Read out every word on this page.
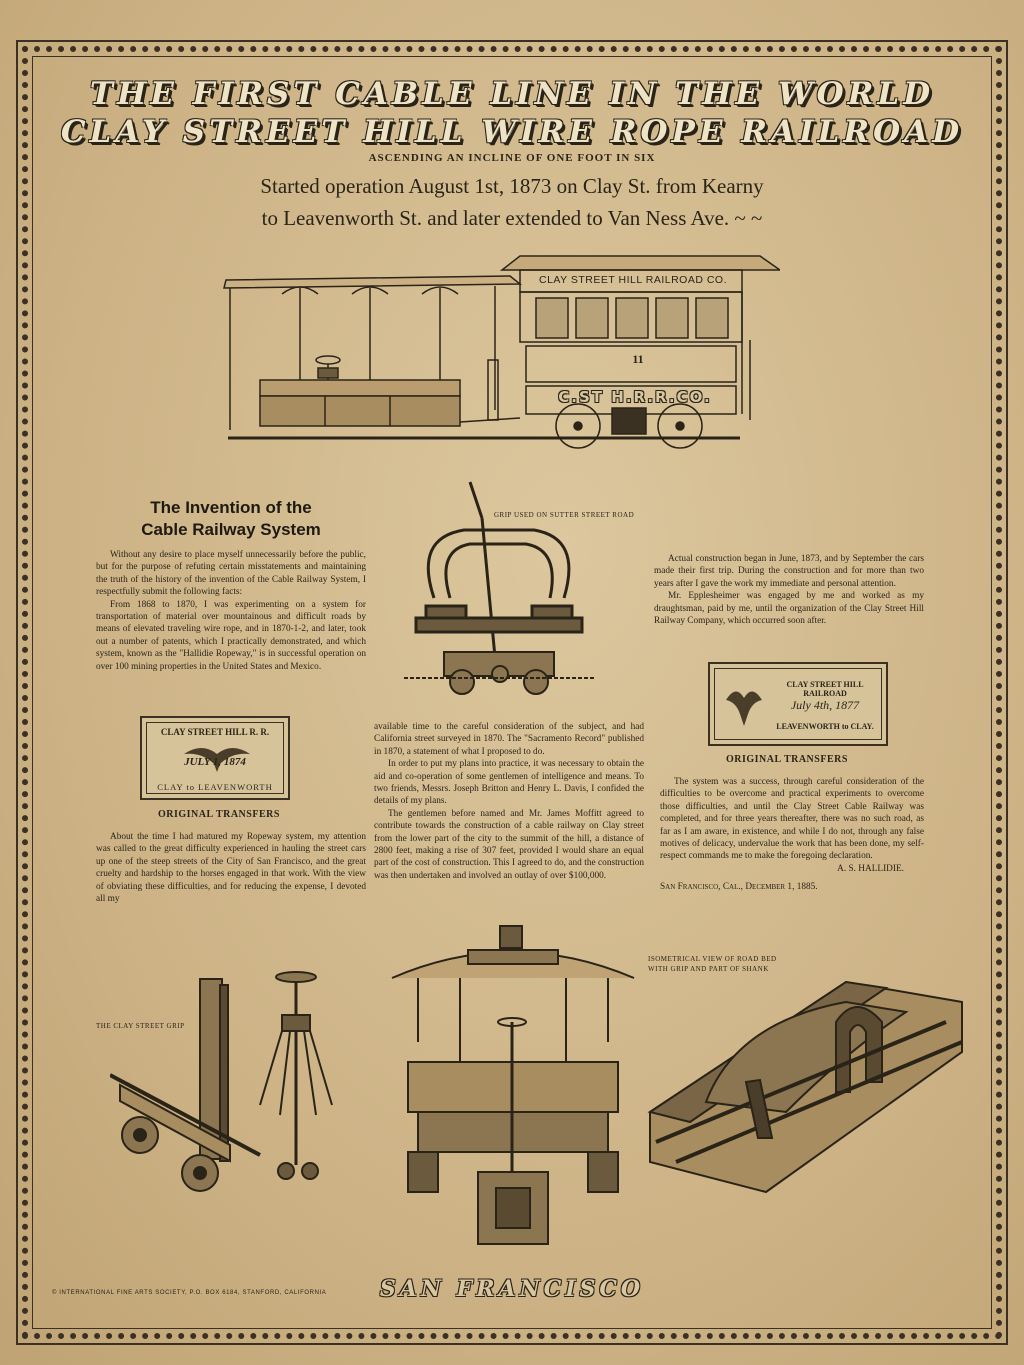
THE FIRST CABLE LINE IN THE WORLD
CLAY STREET HILL WIRE ROPE RAILROAD
ASCENDING AN INCLINE OF ONE FOOT IN SIX
Started operation August 1st, 1873 on Clay St. from Kearny
to Leavenworth St. and later extended to Van Ness Ave. ~ ~
CLAY STREET HILL RAILROAD CO.
11
C.ST H.R.R.CO.
The Invention of the
Cable Railway System

Without any desire to place myself unnecessarily before the public, but for the purpose of refuting certain misstatements and maintaining the truth of the history of the invention of the Cable Railway System, I respectfully submit the following facts:

From 1868 to 1870, I was experimenting on a system for transportation of material over mountainous and difficult roads by means of elevated traveling wire rope, and in 1870-1-2, and later, took out a number of patents, which I practically demonstrated, and which system, known as the "Hallidie Ropeway," is in successful operation on over 100 mining properties in the United States and Mexico.

CLAY STREET HILL R. R.
JULY 1, 1874
CLAY to LEAVENWORTH
ORIGINAL TRANSFERS

About the time I had matured my Ropeway system, my attention was called to the great difficulty experienced in hauling the street cars up one of the steep streets of the City of San Francisco, and the great cruelty and hardship to the horses engaged in that work. With the view of obviating these difficulties, and for reducing the expense, I devoted all my

available time to the careful consideration of the subject, and had California street surveyed in 1870. The "Sacramento Record" published in 1870, a statement of what I proposed to do.

In order to put my plans into practice, it was necessary to obtain the aid and co-operation of some gentlemen of intelligence and means. To two friends, Messrs. Joseph Britton and Henry L. Davis, I confided the details of my plans.

The gentlemen before named and Mr. James Moffitt agreed to contribute towards the construction of a cable railway on Clay street from the lower part of the city to the summit of the hill, a distance of 2800 feet, making a rise of 307 feet, provided I would share an equal part of the cost of construction. This I agreed to do, and the construction was then undertaken and involved an outlay of over $100,000.

Actual construction began in June, 1873, and by September the cars made their first trip. During the construction and for more than two years after I gave the work my immediate and personal attention.

Mr. Epplesheimer was engaged by me and worked as my draughtsman, paid by me, until the organization of the Clay Street Hill Railway Company, which occurred soon after.

CLAY STREET HILL RAILROAD
July 4th, 1877
LEAVENWORTH to CLAY.
ORIGINAL TRANSFERS

The system was a success, through careful consideration of the difficulties to be overcome and practical experiments to overcome those difficulties, and until the Clay Street Cable Railway was completed, and for three years thereafter, there was no such road, as far as I am aware, in existence, and while I do not, through any false motives of delicacy, undervalue the work that has been done, my self-respect commands me to make the foregoing declaration.

A. S. HALLIDIE.
San Francisco, Cal., December 1, 1885.
GRIP USED ON SUTTER STREET ROAD
THE CLAY STREET GRIP
ISOMETRICAL VIEW OF ROAD BED
WITH GRIP AND PART OF SHANK
© INTERNATIONAL FINE ARTS SOCIETY, P.O. BOX 6184, STANFORD, CALIFORNIA	SAN FRANCISCO
